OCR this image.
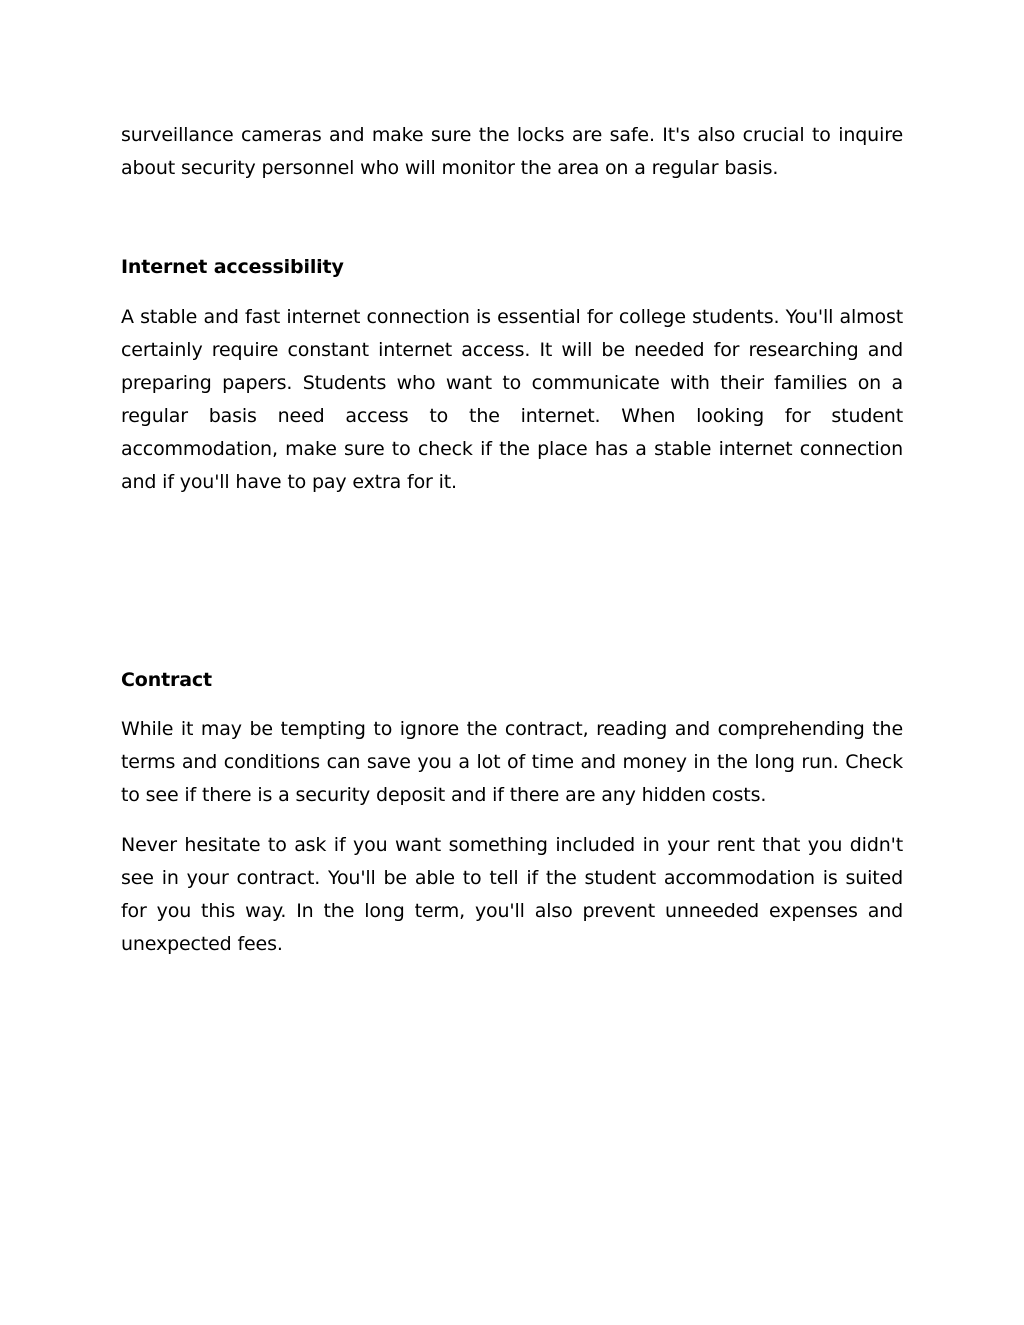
surveillance cameras and make sure the locks are safe. It's also crucial to inquire about security personnel who will monitor the area on a regular basis.

Internet accessibility

A stable and fast internet connection is essential for college students. You'll almost certainly require constant internet access. It will be needed for researching and preparing papers. Students who want to communicate with their families on a regular basis need access to the internet. When looking for student accommodation, make sure to check if the place has a stable internet connection and if you'll have to pay extra for it.

Contract

While it may be tempting to ignore the contract, reading and comprehending the terms and conditions can save you a lot of time and money in the long run. Check to see if there is a security deposit and if there are any hidden costs.

Never hesitate to ask if you want something included in your rent that you didn't see in your contract. You'll be able to tell if the student accommodation is suited for you this way. In the long term, you'll also prevent unneeded expenses and unexpected fees.
